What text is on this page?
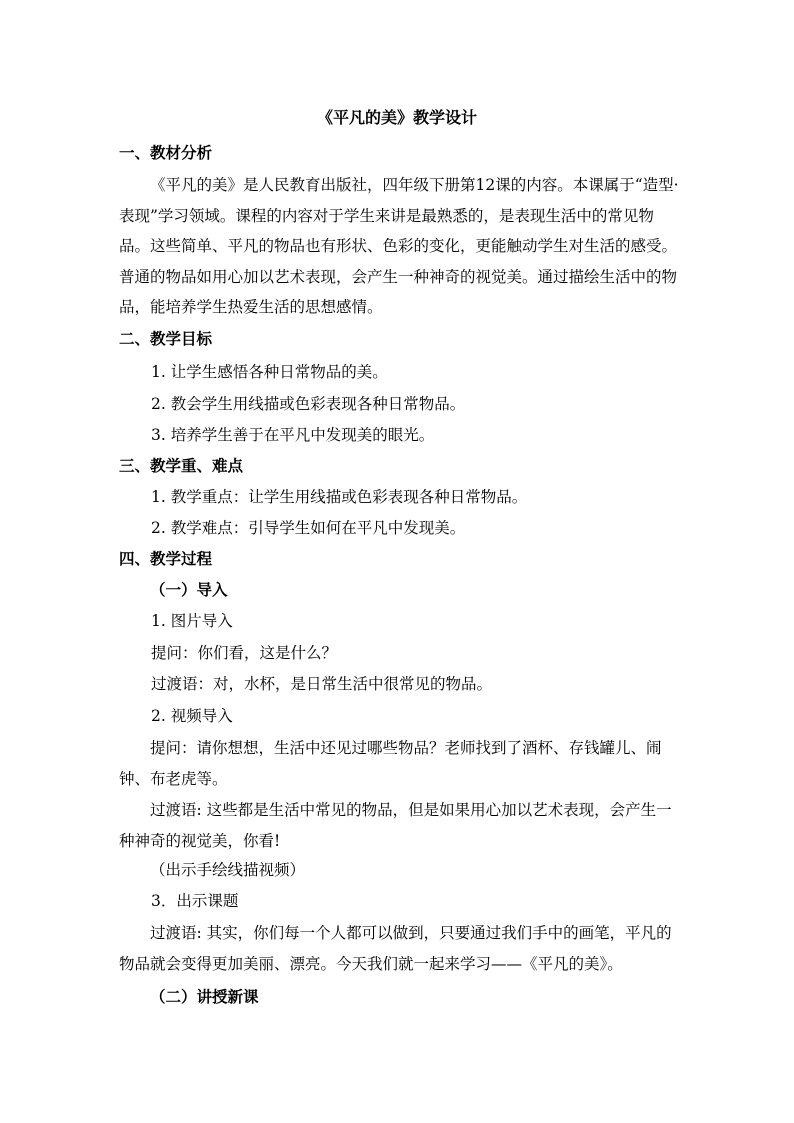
《平凡的美》教学设计
一、教材分析
《平凡的美》是人民教育出版社，四年级下册第12课的内容。本课属于“造型·表现”学习领域。课程的内容对于学生来讲是最熟悉的，是表现生活中的常见物品。这些简单、平凡的物品也有形状、色彩的变化，更能触动学生对生活的感受。普通的物品如用心加以艺术表现，会产生一种神奇的视觉美。通过描绘生活中的物品，能培养学生热爱生活的思想感情。
二、教学目标
1. 让学生感悟各种日常物品的美。
2. 教会学生用线描或色彩表现各种日常物品。
3. 培养学生善于在平凡中发现美的眼光。
三、教学重、难点
1. 教学重点：让学生用线描或色彩表现各种日常物品。
2. 教学难点：引导学生如何在平凡中发现美。
四、教学过程
（一）导入
1. 图片导入
提问：你们看，这是什么？
过渡语：对，水杯，是日常生活中很常见的物品。
2. 视频导入
提问：请你想想，生活中还见过哪些物品？老师找到了酒杯、存钱罐儿、闹钟、布老虎等。
过渡语: 这些都是生活中常见的物品，但是如果用心加以艺术表现，会产生一种神奇的视觉美，你看!
（出示手绘线描视频）
3．出示课题
过渡语: 其实，你们每一个人都可以做到，只要通过我们手中的画笔，平凡的物品就会变得更加美丽、漂亮。今天我们就一起来学习——《平凡的美》。
（二）讲授新课
